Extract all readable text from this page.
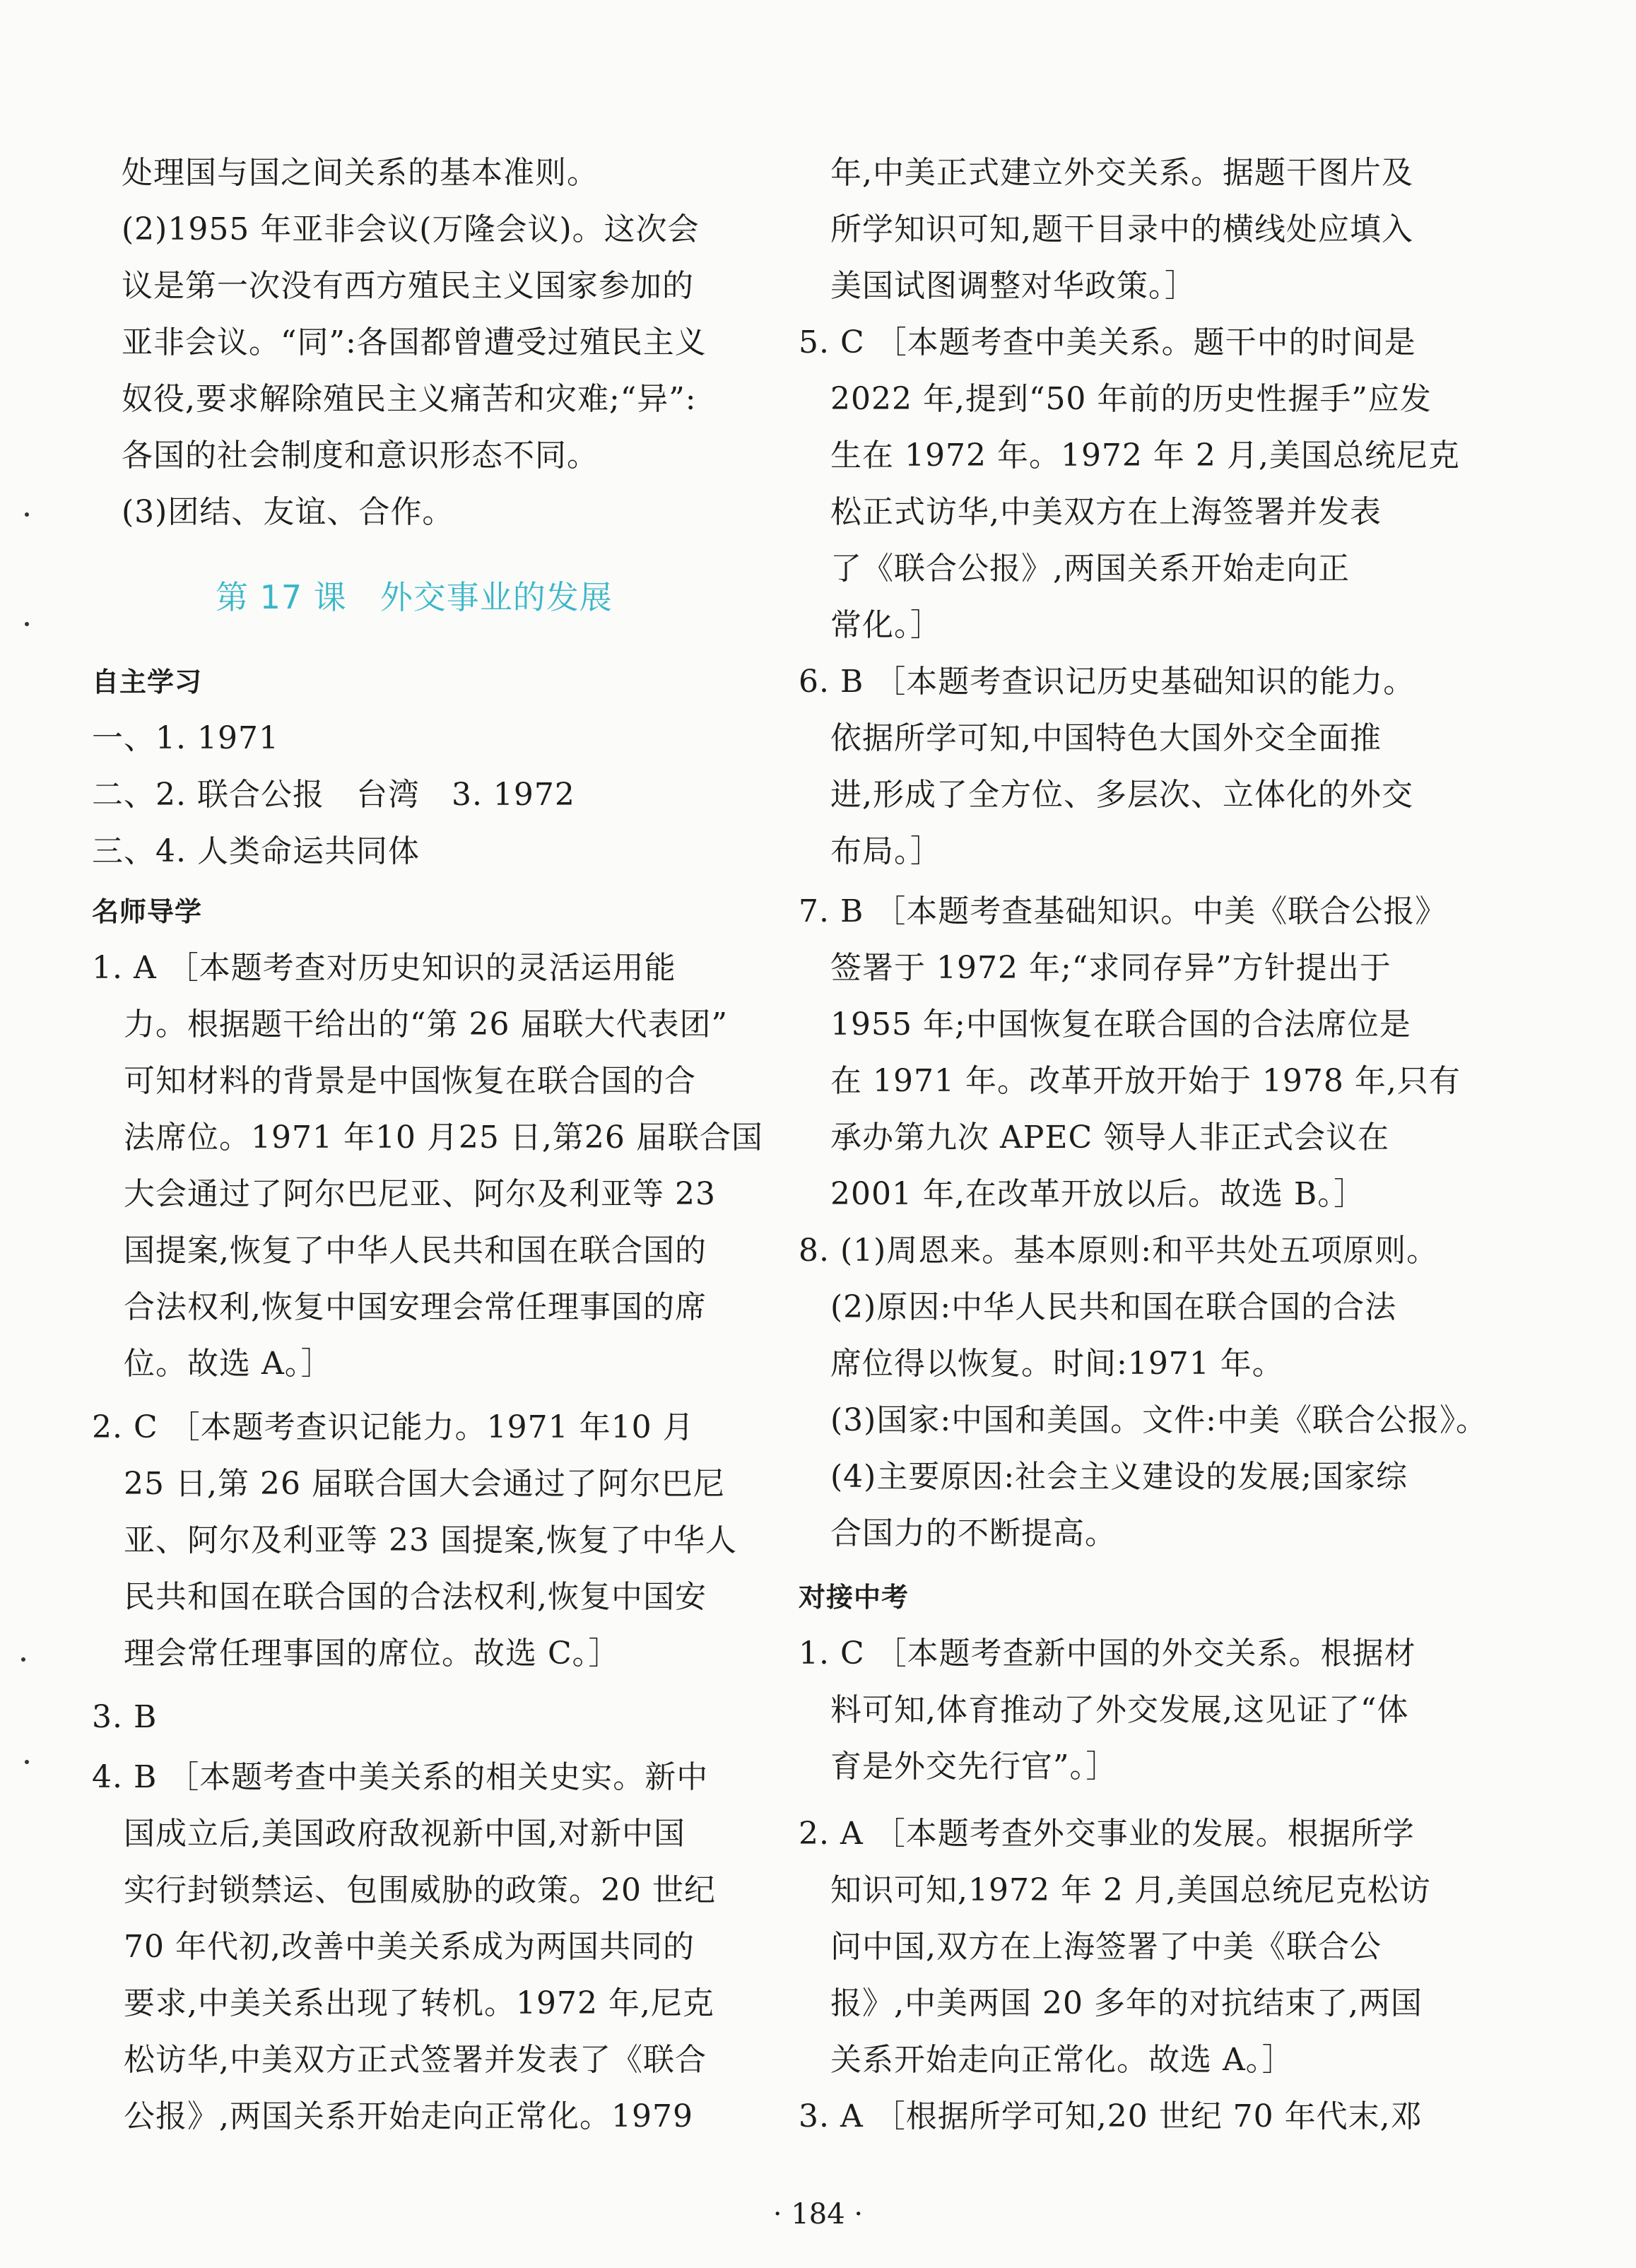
处理国与国之间关系的基本准则。
(2)1955 年亚非会议(万隆会议)。这次会
议是第一次没有西方殖民主义国家参加的
亚非会议。“同”:各国都曾遭受过殖民主义
奴役,要求解除殖民主义痛苦和灾难;“异”:
各国的社会制度和意识形态不同。
(3)团结、友谊、合作。
第 17 课　外交事业的发展
自主学习
一、1. 1971
二、2. 联合公报　台湾　3. 1972
三、4. 人类命运共同体
名师导学
1. A ［本题考查对历史知识的灵活运用能
力。根据题干给出的“第 26 届联大代表团”
可知材料的背景是中国恢复在联合国的合
法席位。1971 年10 月25 日,第26 届联合国
大会通过了阿尔巴尼亚、阿尔及利亚等 23
国提案,恢复了中华人民共和国在联合国的
合法权利,恢复中国安理会常任理事国的席
位。故选 A。］
2. C ［本题考查识记能力。1971 年10 月
25 日,第 26 届联合国大会通过了阿尔巴尼
亚、阿尔及利亚等 23 国提案,恢复了中华人
民共和国在联合国的合法权利,恢复中国安
理会常任理事国的席位。故选 C。］
3. B
4. B ［本题考查中美关系的相关史实。新中
国成立后,美国政府敌视新中国,对新中国
实行封锁禁运、包围威胁的政策。20 世纪
70 年代初,改善中美关系成为两国共同的
要求,中美关系出现了转机。1972 年,尼克
松访华,中美双方正式签署并发表了《联合
公报》,两国关系开始走向正常化。1979
年,中美正式建立外交关系。据题干图片及
所学知识可知,题干目录中的横线处应填入
美国试图调整对华政策。］
5. C ［本题考查中美关系。题干中的时间是
2022 年,提到“50 年前的历史性握手”应发
生在 1972 年。1972 年 2 月,美国总统尼克
松正式访华,中美双方在上海签署并发表
了《联合公报》,两国关系开始走向正
常化。］
6. B ［本题考查识记历史基础知识的能力。
依据所学可知,中国特色大国外交全面推
进,形成了全方位、多层次、立体化的外交
布局。］
7. B ［本题考查基础知识。中美《联合公报》
签署于 1972 年;“求同存异”方针提出于
1955 年;中国恢复在联合国的合法席位是
在 1971 年。改革开放开始于 1978 年,只有
承办第九次 APEC 领导人非正式会议在
2001 年,在改革开放以后。故选 B。］
8. (1)周恩来。基本原则:和平共处五项原则。
(2)原因:中华人民共和国在联合国的合法
席位得以恢复。时间:1971 年。
(3)国家:中国和美国。文件:中美《联合公报》。
(4)主要原因:社会主义建设的发展;国家综
合国力的不断提高。
对接中考
1. C ［本题考查新中国的外交关系。根据材
料可知,体育推动了外交发展,这见证了“体
育是外交先行官”。］
2. A ［本题考查外交事业的发展。根据所学
知识可知,1972 年 2 月,美国总统尼克松访
问中国,双方在上海签署了中美《联合公
报》,中美两国 20 多年的对抗结束了,两国
关系开始走向正常化。故选 A。］
3. A ［根据所学可知,20 世纪 70 年代末,邓
· 184 ·
